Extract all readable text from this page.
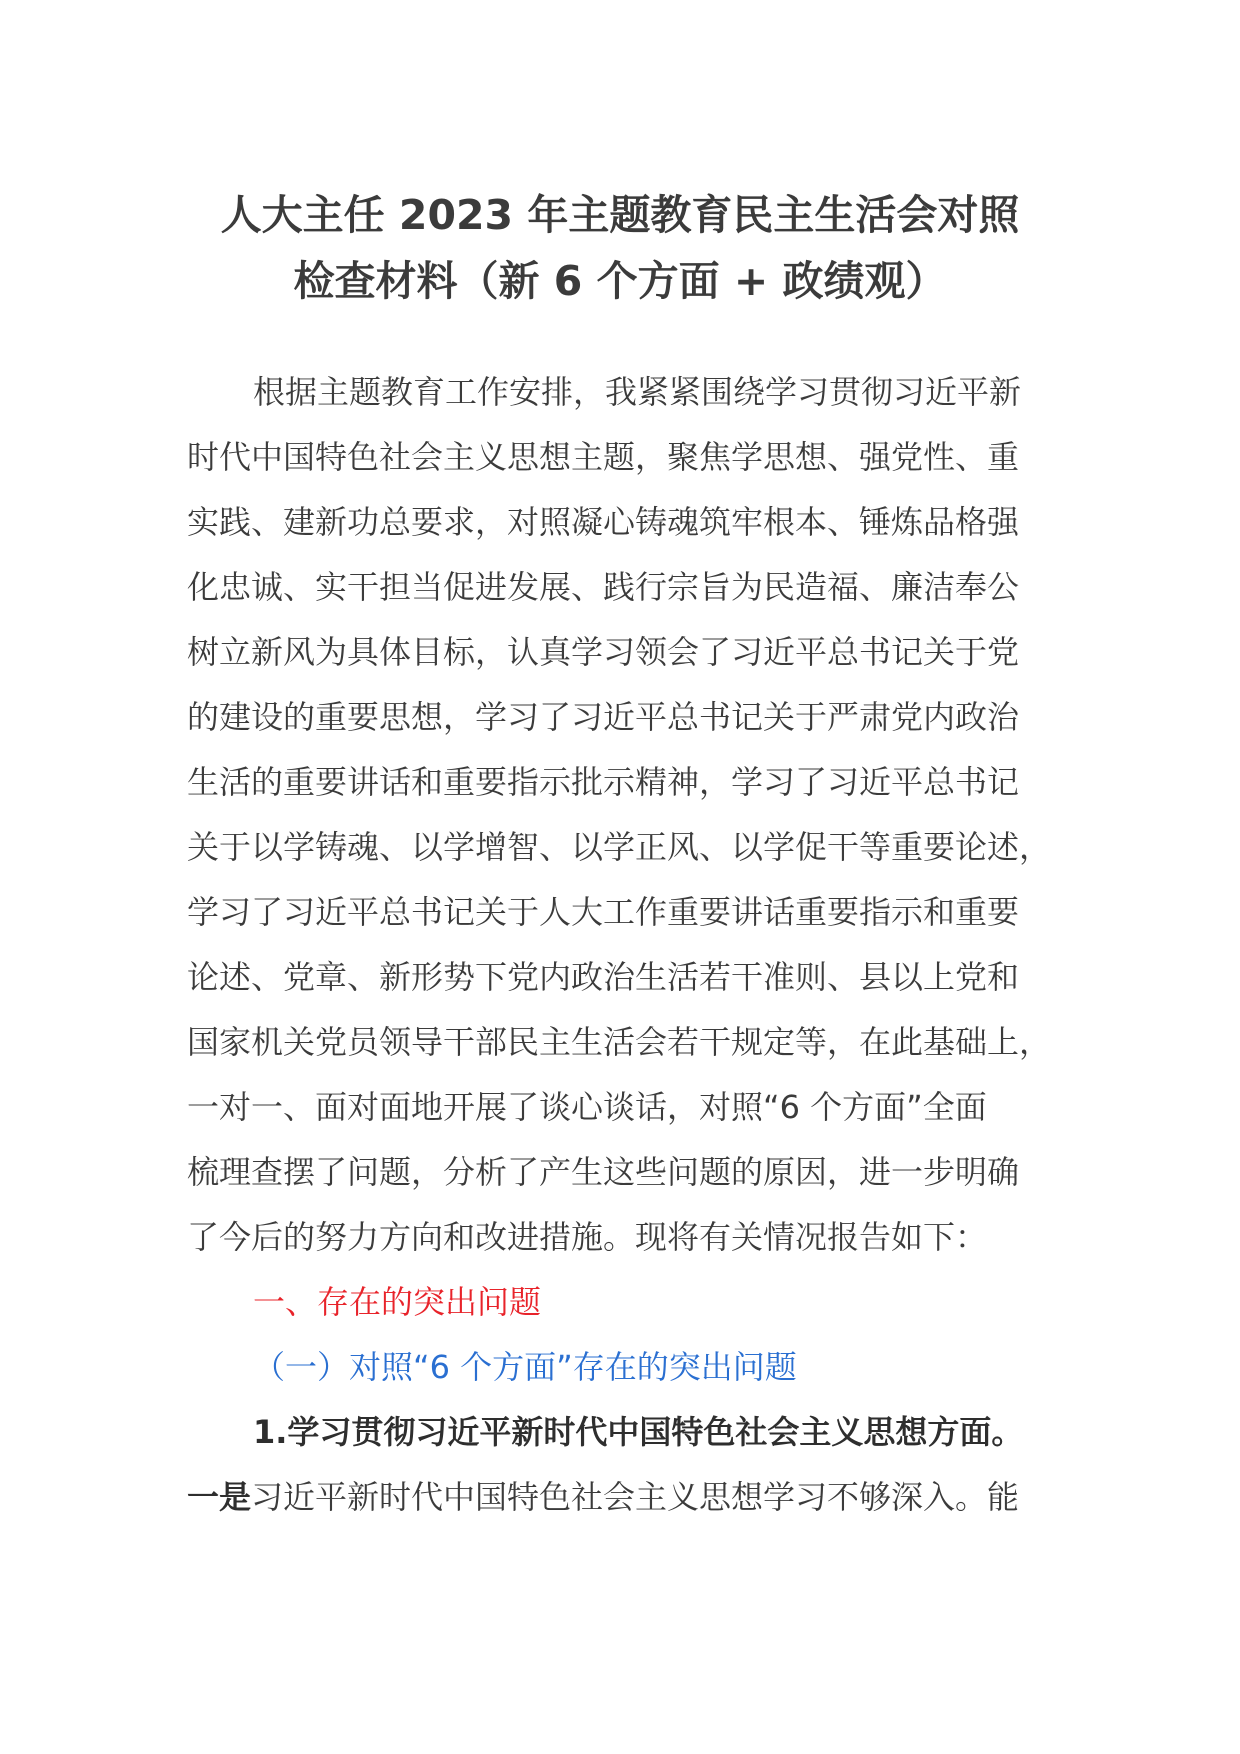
人大主任 2023 年主题教育民主生活会对照
检查材料（新 6 个方面 + 政绩观）
根据主题教育工作安排，我紧紧围绕学习贯彻习近平新
时代中国特色社会主义思想主题，聚焦学思想、强党性、重
实践、建新功总要求，对照凝心铸魂筑牢根本、锤炼品格强
化忠诚、实干担当促进发展、践行宗旨为民造福、廉洁奉公
树立新风为具体目标，认真学习领会了习近平总书记关于党
的建设的重要思想，学习了习近平总书记关于严肃党内政治
生活的重要讲话和重要指示批示精神，学习了习近平总书记
关于以学铸魂、以学增智、以学正风、以学促干等重要论述，
学习了习近平总书记关于人大工作重要讲话重要指示和重要
论述、党章、新形势下党内政治生活若干准则、县以上党和
国家机关党员领导干部民主生活会若干规定等，在此基础上，
一对一、面对面地开展了谈心谈话，对照“6 个方面”全面
梳理查摆了问题，分析了产生这些问题的原因，进一步明确
了今后的努力方向和改进措施。现将有关情况报告如下：
一、存在的突出问题
（一）对照“6 个方面”存在的突出问题
1.学习贯彻习近平新时代中国特色社会主义思想方面。
一是习近平新时代中国特色社会主义思想学习不够深入。能
